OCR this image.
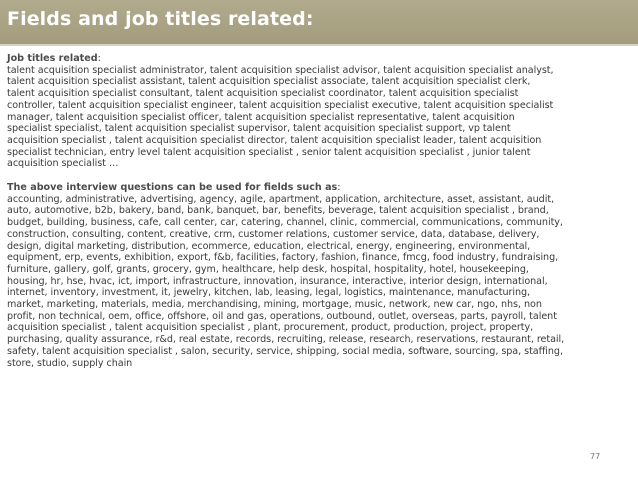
Fields and job titles related:

Job titles related:

talent acquisition specialist administrator, talent acquisition specialist advisor, talent acquisition specialist analyst,

talent acquisition specialist assistant, talent acquisition specialist associate, talent acquisition specialist clerk,

talent acquisition specialist consultant, talent acquisition specialist coordinator, talent acquisition specialist

controller, talent acquisition specialist engineer, talent acquisition specialist executive, talent acquisition specialist

manager, talent acquisition specialist officer, talent acquisition specialist representative, talent acquisition

specialist specialist, talent acquisition specialist supervisor, talent acquisition specialist support, vp talent

acquisition specialist , talent acquisition specialist director, talent acquisition specialist leader, talent acquisition

specialist technician, entry level talent acquisition specialist , senior talent acquisition specialist , junior talent

acquisition specialist …

The above interview questions can be used for fields such as:

accounting, administrative, advertising, agency, agile, apartment, application, architecture, asset, assistant, audit,

auto, automotive, b2b, bakery, band, bank, banquet, bar, benefits, beverage, talent acquisition specialist , brand,

budget, building, business, cafe, call center, car, catering, channel, clinic, commercial, communications, community,

construction, consulting, content, creative, crm, customer relations, customer service, data, database, delivery,

design, digital marketing, distribution, ecommerce, education, electrical, energy, engineering, environmental,

equipment, erp, events, exhibition, export, f&b, facilities, factory, fashion, finance, fmcg, food industry, fundraising,

furniture, gallery, golf, grants, grocery, gym, healthcare, help desk, hospital, hospitality, hotel, housekeeping,

housing, hr, hse, hvac, ict, import, infrastructure, innovation, insurance, interactive, interior design, international,

internet, inventory, investment, it, jewelry, kitchen, lab, leasing, legal, logistics, maintenance, manufacturing,

market, marketing, materials, media, merchandising, mining, mortgage, music, network, new car, ngo, nhs, non

profit, non technical, oem, office, offshore, oil and gas, operations, outbound, outlet, overseas, parts, payroll, talent

acquisition specialist , talent acquisition specialist , plant, procurement, product, production, project, property,

purchasing, quality assurance, r&d, real estate, records, recruiting, release, research, reservations, restaurant, retail,

safety, talent acquisition specialist , salon, security, service, shipping, social media, software, sourcing, spa, staffing,

store, studio, supply chain

77
